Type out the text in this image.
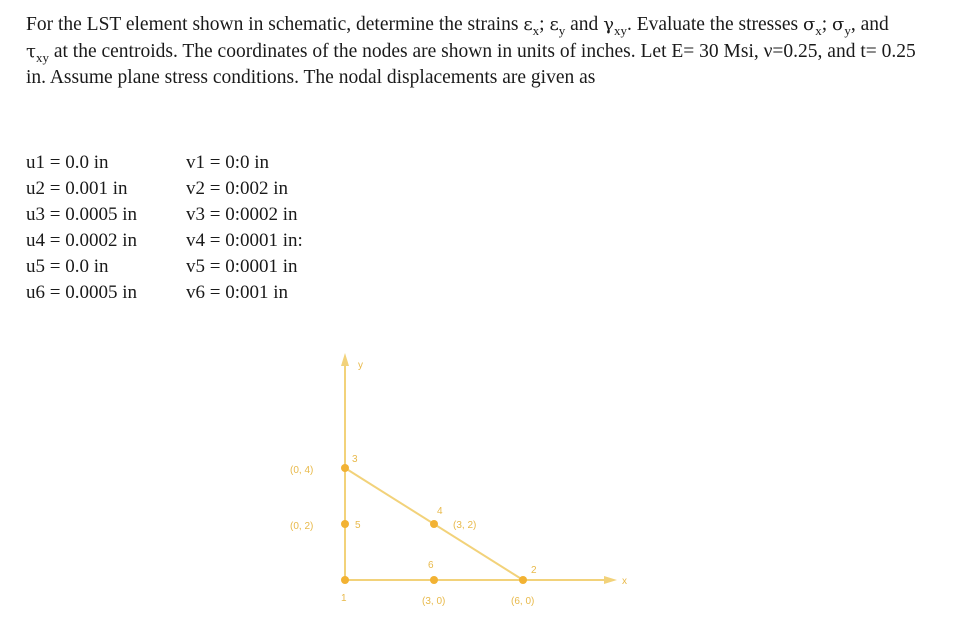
For the LST element shown in schematic, determine the strains $\varepsilon_x$; $\varepsilon_y$ and $\gamma_{xy}$. Evaluate the stresses $\sigma_x$; $\sigma_y$, and $\tau_{xy}$ at the centroids. The coordinates of the nodes are shown in units of inches. Let E= 30 Msi, ν=0.25, and t= 0.25 in. Assume plane stress conditions. The nodal displacements are given as
u1 = 0.0 in	v1 = 0:0 in
u2 = 0.001 in	v2 = 0:002 in
u3 = 0.0005 in	v3 = 0:0002 in
u4 = 0.0002 in	v4 = 0:0001 in:
u5 = 0.0 in	v5 = 0:0001 in
u6 = 0.0005 in	v6 = 0:001 in
y
x
1
2
3
4
5
6
(6, 0)
(0, 4)
(3, 2)
(0, 2)
(3, 0)
